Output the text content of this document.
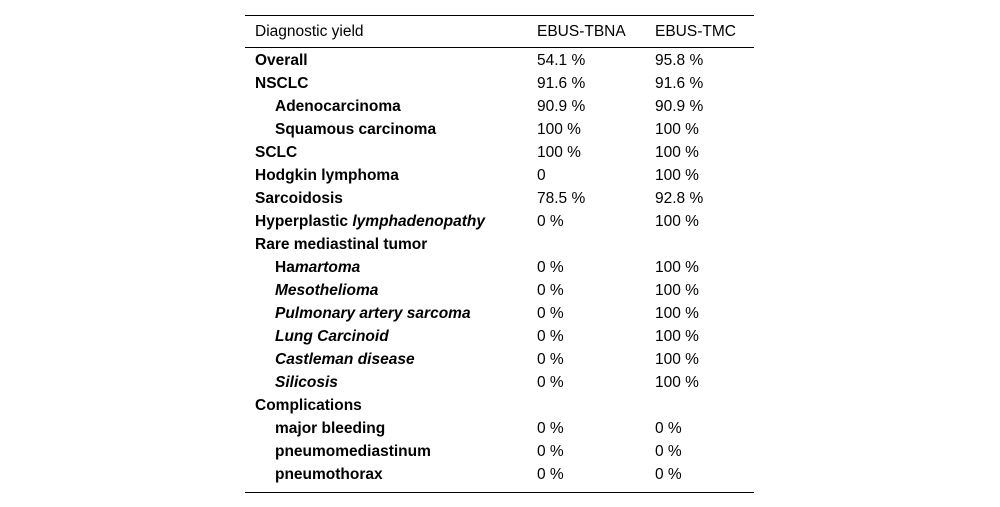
Diagnostic yield	EBUS-TBNA	EBUS-TMC
Overall	54.1 %	95.8 %
NSCLC	91.6 %	91.6 %
Adenocarcinoma	90.9 %	90.9 %
Squamous carcinoma	100 %	100 %
SCLC	100 %	100 %
Hodgkin lymphoma	0	100 %
Sarcoidosis	78.5 %	92.8 %
Hyperplastic lymphadenopathy	0 %	100 %
Rare mediastinal tumor		
Hamartoma	0 %	100 %
Mesothelioma	0 %	100 %
Pulmonary artery sarcoma	0 %	100 %
Lung Carcinoid	0 %	100 %
Castleman disease	0 %	100 %
Silicosis	0 %	100 %
Complications		
major bleeding	0 %	0 %
pneumomediastinum	0 %	0 %
pneumothorax	0 %	0 %
